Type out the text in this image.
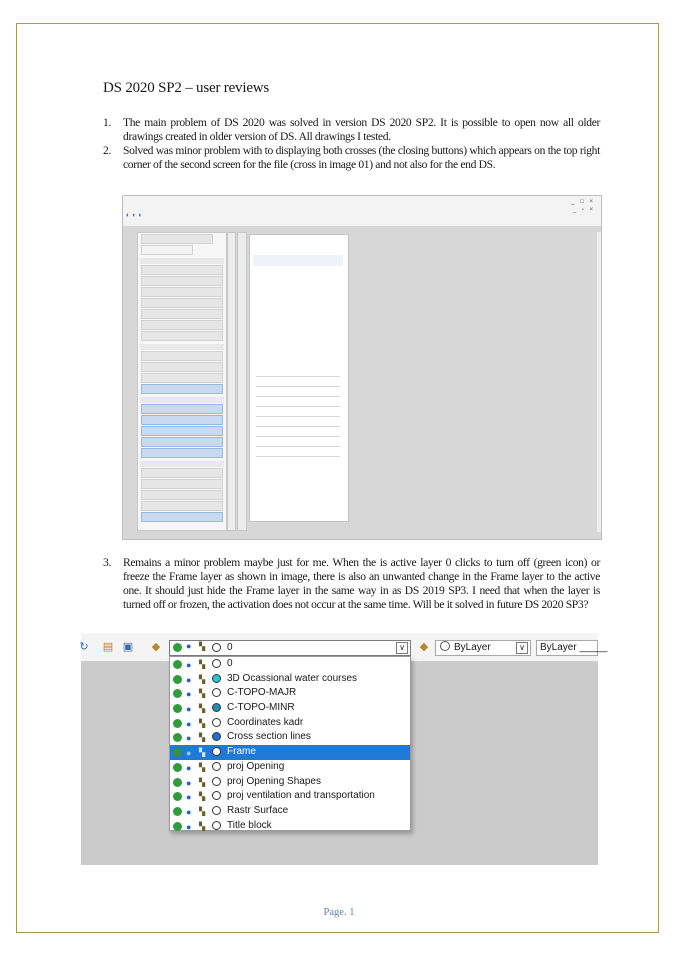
DS 2020 SP2 – user reviews
1. The main problem of DS 2020 was solved in version DS 2020 SP2. It is possible to open now all older drawings created in older version of DS. All drawings I tested.
2. Solved was minor problem with to displaying both crosses (the closing buttons) which appears on the top right corner of the second screen for the file (cross in image 01) and not also for the end DS.
_ □ ×
_ ▫ ×
◐◐◐
3. Remains a minor problem maybe just for me. When the is active layer 0 clicks to turn off (green icon) or freeze the Frame layer as shown in image, there is also an unwanted change in the Frame layer to the active one. It should just hide the Frame layer in the same way in as DS 2019 SP3. I need that when the layer is turned off or frozen, the activation does not occur at the same time. Will be it solved in future DS 2020 SP3?
↻ ▤ ▣ ◆	● ▚ 0	∨ ◆	ByLayer	∨	ByLayer _____
● ▚ 0
● ▚ 3D Ocassional water courses
● ▚ C-TOPO-MAJR
● ▚ C-TOPO-MINR
● ▚ Coordinates kadr
● ▚ Cross section lines
● ▚ Frame
● ▚ proj Opening
● ▚ proj Opening Shapes
● ▚ proj ventilation and transportation
● ▚ Rastr Surface
● ▚ Title block
Page. 1
